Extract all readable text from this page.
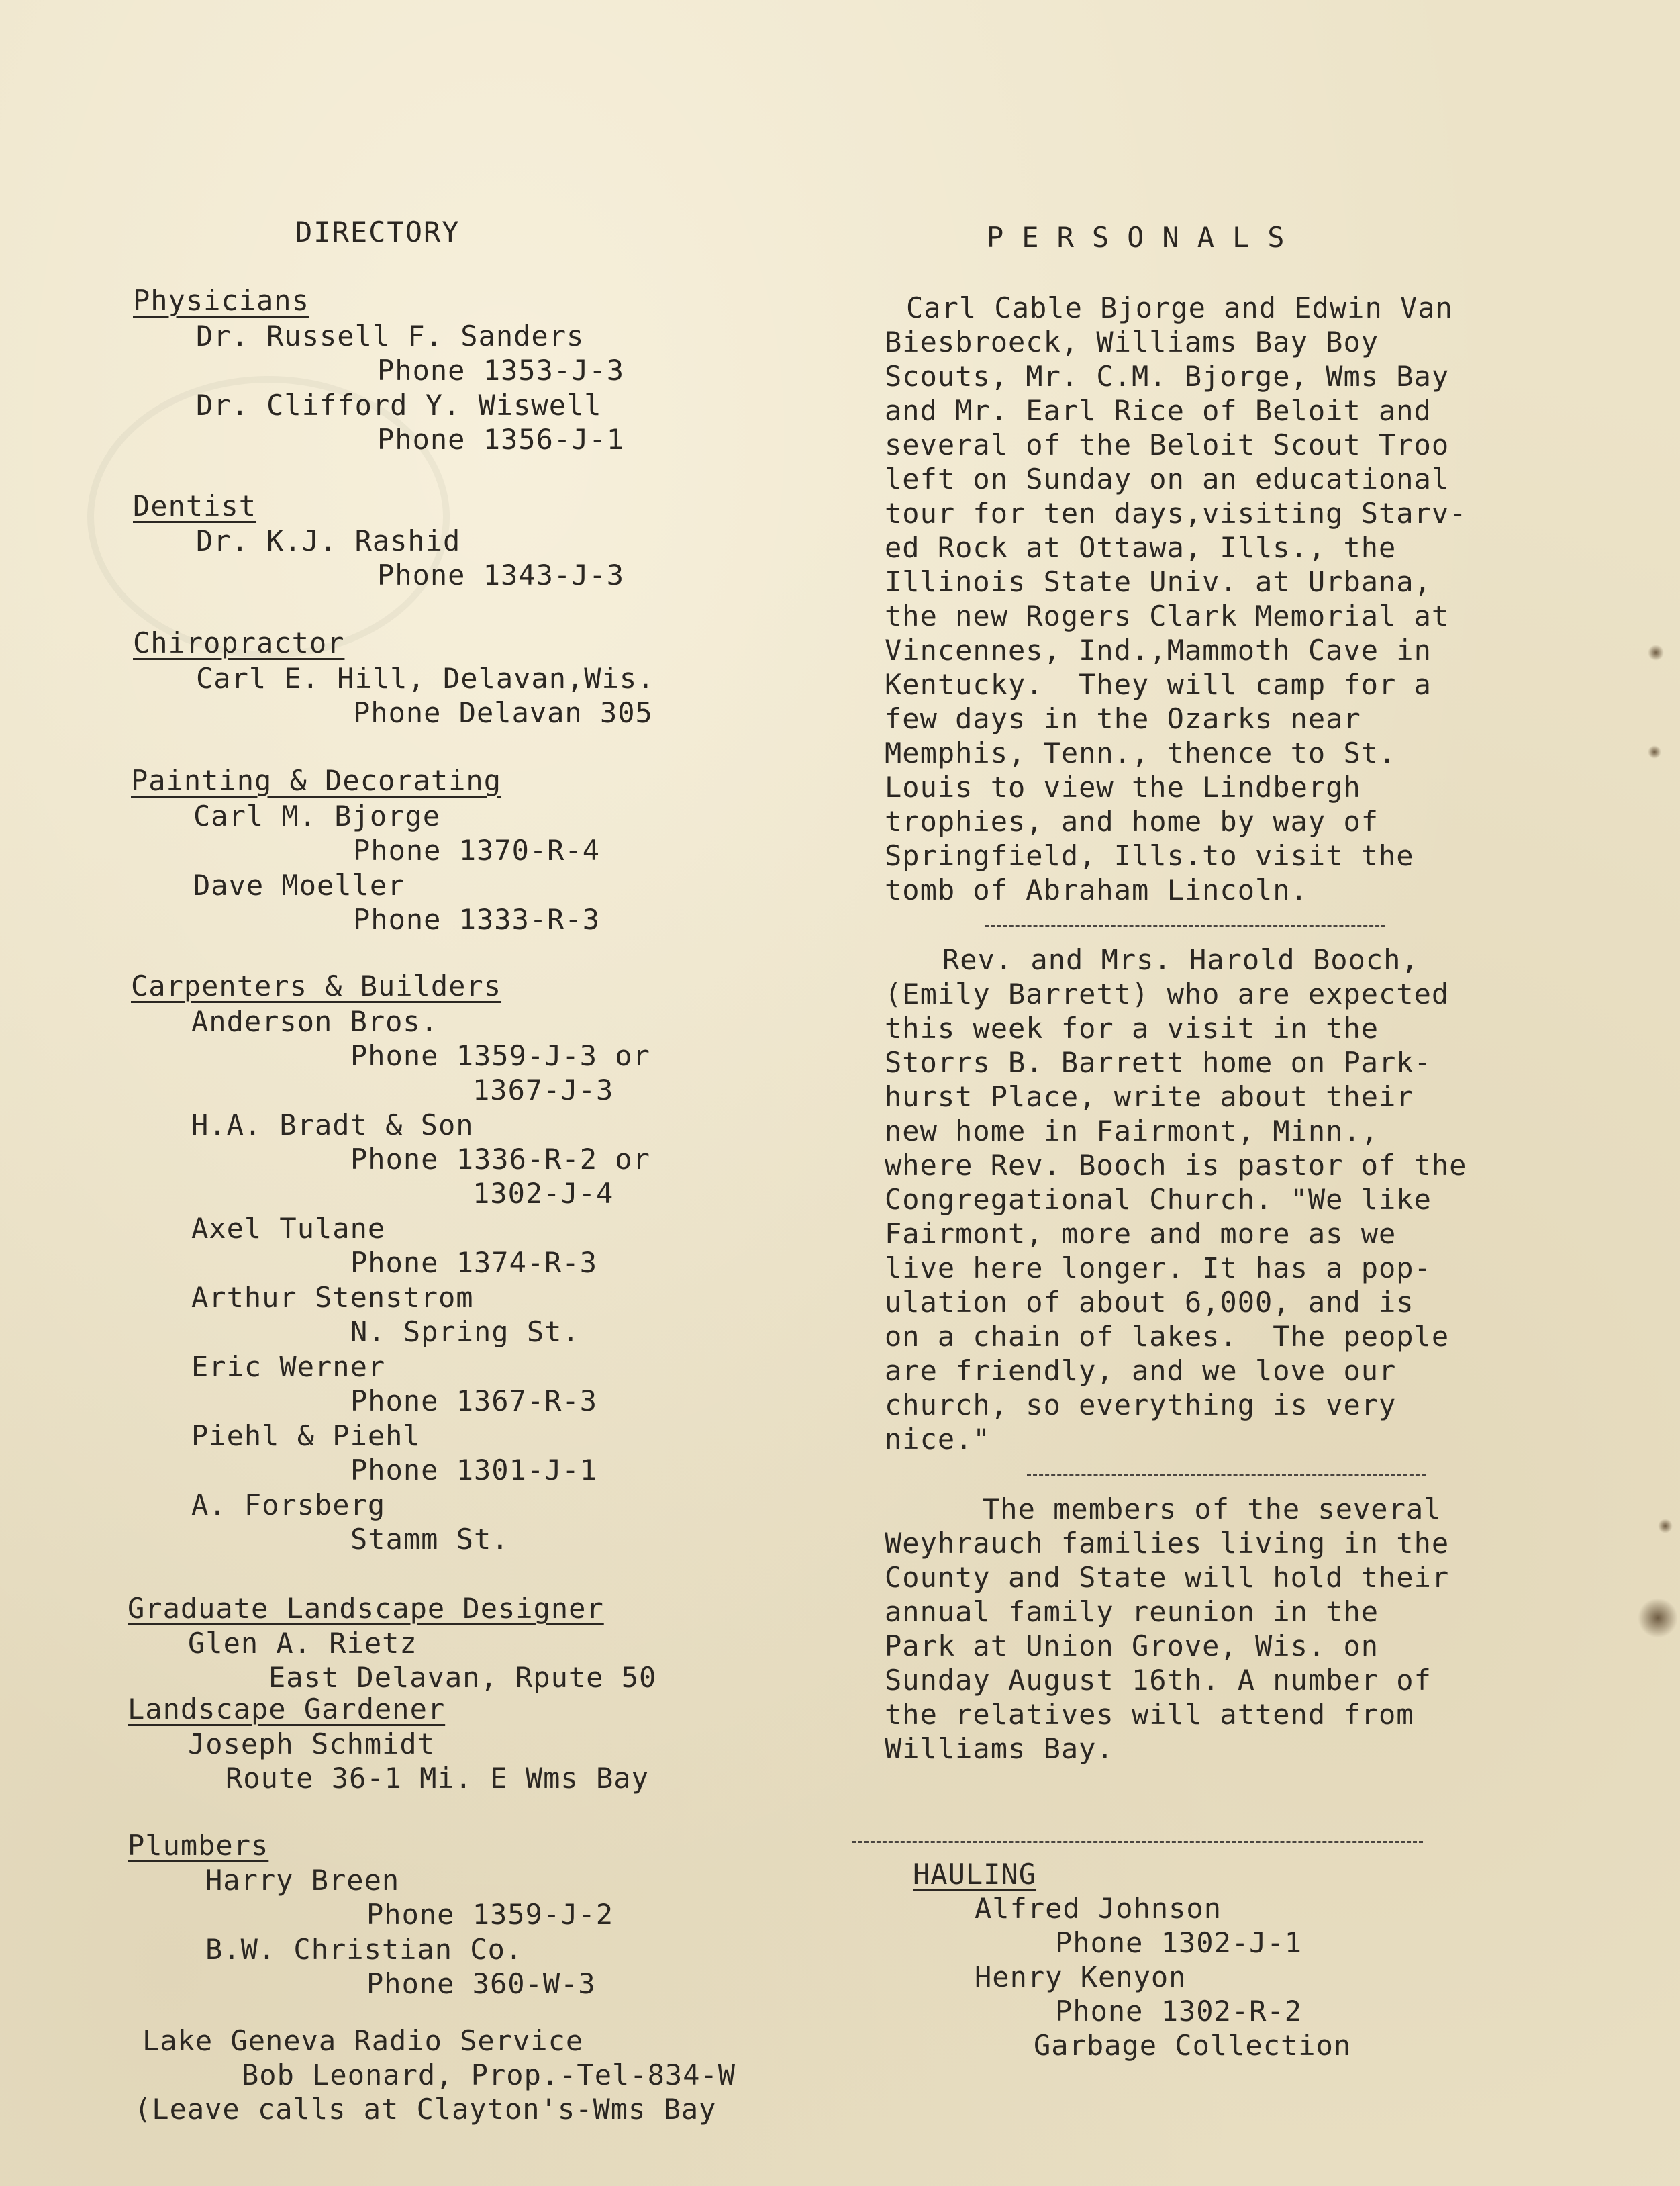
DIRECTORY
Physicians
Dr. Russell F. Sanders
Phone 1353-J-3
Dr. Clifford Y. Wiswell
Phone 1356-J-1
Dentist
Dr. K.J. Rashid
Phone 1343-J-3
Chiropractor
Carl E. Hill, Delavan,Wis.
Phone Delavan 305
Painting & Decorating
Carl M. Bjorge
Phone 1370-R-4
Dave Moeller
Phone 1333-R-3
Carpenters & Builders
Anderson Bros.
Phone 1359-J-3 or
1367-J-3
H.A. Bradt & Son
Phone 1336-R-2 or
1302-J-4
Axel Tulane
Phone 1374-R-3
Arthur Stenstrom
N. Spring St.
Eric Werner
Phone 1367-R-3
Piehl & Piehl
Phone 1301-J-1
A. Forsberg
Stamm St.
Graduate Landscape Designer
Glen A. Rietz
East Delavan, Rpute 50
Landscape Gardener
Joseph Schmidt
Route 36-1 Mi. E Wms Bay
Plumbers
Harry Breen
Phone 1359-J-2
B.W. Christian Co.
Phone 360-W-3
Lake Geneva Radio Service
Bob Leonard, Prop.-Tel-834-W
(Leave calls at Clayton's-Wms Bay
PERSONALS
Carl Cable Bjorge and Edwin Van
Biesbroeck, Williams Bay Boy
Scouts, Mr. C.M. Bjorge, Wms Bay
and Mr. Earl Rice of Beloit and
several of the Beloit Scout Troo
left on Sunday on an educational
tour for ten days,visiting Starv-
ed Rock at Ottawa, Ills., the
Illinois State Univ. at Urbana,
the new Rogers Clark Memorial at
Vincennes, Ind.,Mammoth Cave in
Kentucky.  They will camp for a
few days in the Ozarks near
Memphis, Tenn., thence to St.
Louis to view the Lindbergh
trophies, and home by way of
Springfield, Ills.to visit the
tomb of Abraham Lincoln.
Rev. and Mrs. Harold Booch,
(Emily Barrett) who are expected
this week for a visit in the
Storrs B. Barrett home on Park-
hurst Place, write about their
new home in Fairmont, Minn.,
where Rev. Booch is pastor of the
Congregational Church. "We like
Fairmont, more and more as we
live here longer. It has a pop-
ulation of about 6,000, and is
on a chain of lakes.  The people
are friendly, and we love our
church, so everything is very
nice."
The members of the several
Weyhrauch families living in the
County and State will hold their
annual family reunion in the
Park at Union Grove, Wis. on
Sunday August 16th. A number of
the relatives will attend from
Williams Bay.
HAULING
Alfred Johnson
Phone 1302-J-1
Henry Kenyon
Phone 1302-R-2
Garbage Collection
